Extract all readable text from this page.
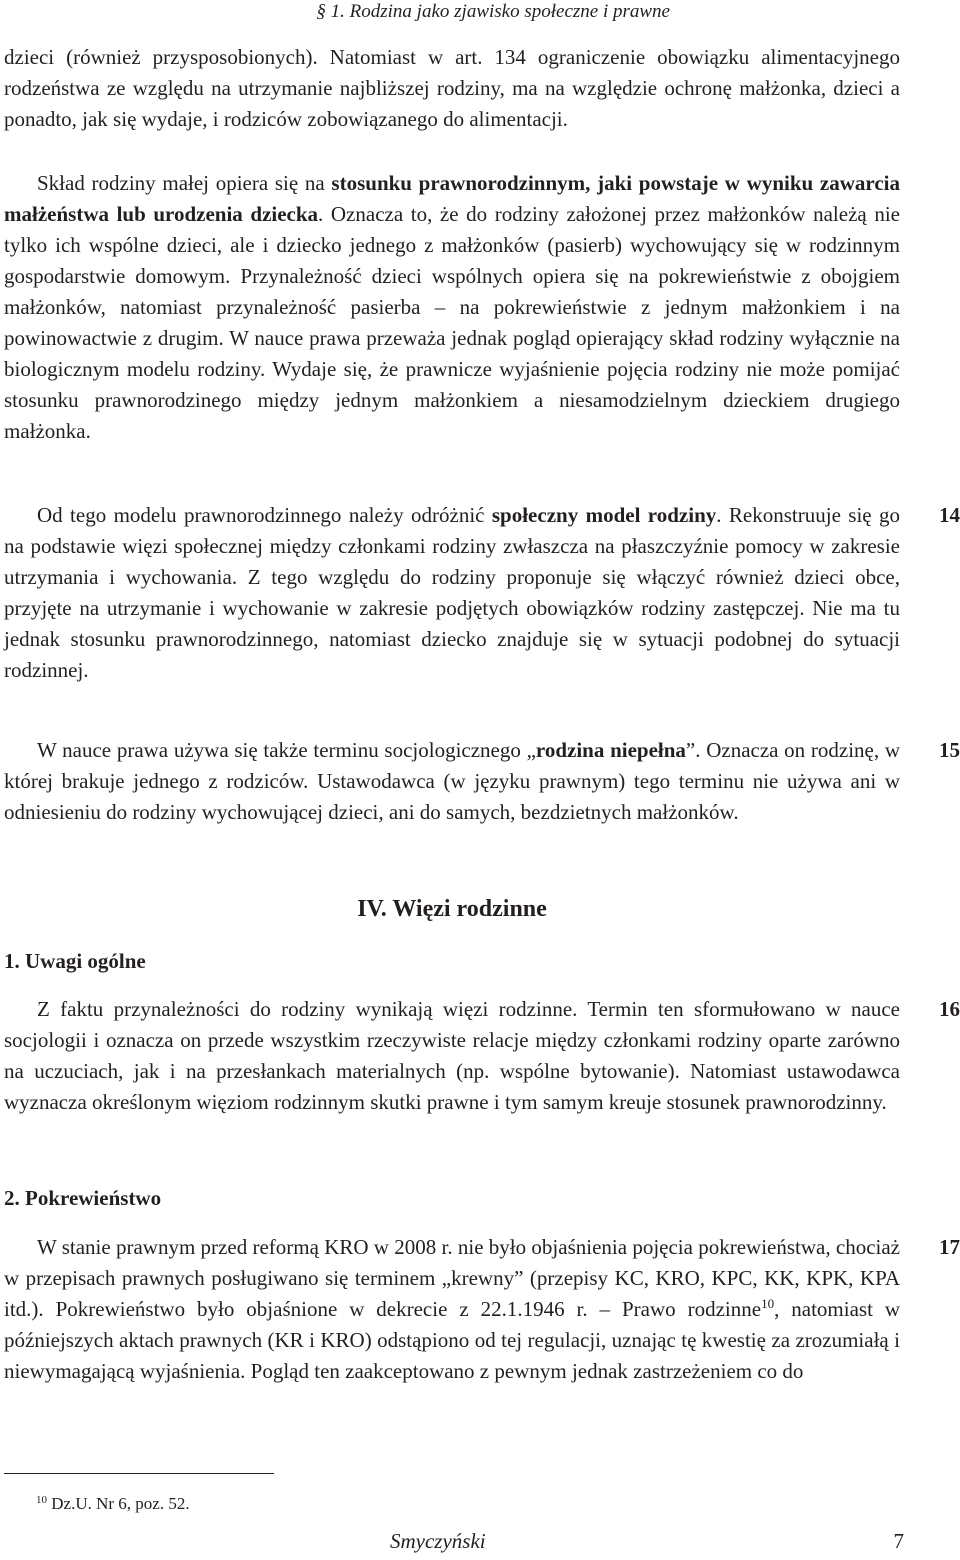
§ 1. Rodzina jako zjawisko społeczne i prawne
dzieci (również przysposobionych). Natomiast w art. 134 ograniczenie obowiązku alimentacyjnego rodzeństwa ze względu na utrzymanie najbliższej rodziny, ma na względzie ochronę małżonka, dzieci a ponadto, jak się wydaje, i rodziców zobowiązanego do alimentacji.
Skład rodziny małej opiera się na stosunku prawnorodzinnym, jaki powstaje w wyniku zawarcia małżeństwa lub urodzenia dziecka. Oznacza to, że do rodziny założonej przez małżonków należą nie tylko ich wspólne dzieci, ale i dziecko jednego z małżonków (pasierb) wychowujący się w rodzinnym gospodarstwie domowym. Przynależność dzieci wspólnych opiera się na pokrewieństwie z obojgiem małżonków, natomiast przynależność pasierba – na pokrewieństwie z jednym małżonkiem i na powinowactwie z drugim. W nauce prawa przeważa jednak pogląd opierający skład rodziny wyłącznie na biologicznym modelu rodziny. Wydaje się, że prawnicze wyjaśnienie pojęcia rodziny nie może pomijać stosunku prawnorodzinego między jednym małżonkiem a niesamodzielnym dzieckiem drugiego małżonka.
Od tego modelu prawnorodzinnego należy odróżnić społeczny model rodziny. Rekonstruuje się go na podstawie więzi społecznej między członkami rodziny zwłaszcza na płaszczyźnie pomocy w zakresie utrzymania i wychowania. Z tego względu do rodziny proponuje się włączyć również dzieci obce, przyjęte na utrzymanie i wychowanie w zakresie podjętych obowiązków rodziny zastępczej. Nie ma tu jednak stosunku prawnorodzinnego, natomiast dziecko znajduje się w sytuacji podobnej do sytuacji rodzinnej.
14
W nauce prawa używa się także terminu socjologicznego „rodzina niepełna”. Oznacza on rodzinę, w której brakuje jednego z rodziców. Ustawodawca (w języku prawnym) tego terminu nie używa ani w odniesieniu do rodziny wychowującej dzieci, ani do samych, bezdzietnych małżonków.
15
IV. Więzi rodzinne
1. Uwagi ogólne
Z faktu przynależności do rodziny wynikają więzi rodzinne. Termin ten sformułowano w nauce socjologii i oznacza on przede wszystkim rzeczywiste relacje między członkami rodziny oparte zarówno na uczuciach, jak i na przesłankach materialnych (np. wspólne bytowanie). Natomiast ustawodawca wyznacza określonym więziom rodzinnym skutki prawne i tym samym kreuje stosunek prawnorodzinny.
16
2. Pokrewieństwo
W stanie prawnym przed reformą KRO w 2008 r. nie było objaśnienia pojęcia pokrewieństwa, chociaż w przepisach prawnych posługiwano się terminem „krewny” (przepisy KC, KRO, KPC, KK, KPK, KPA itd.). Pokrewieństwo było objaśnione w dekrecie z 22.1.1946 r. – Prawo rodzinne$^{10}$, natomiast w późniejszych aktach prawnych (KR i KRO) odstąpiono od tej regulacji, uznając tę kwestię za zrozumiałą i niewymagającą wyjaśnienia. Pogląd ten zaakceptowano z pewnym jednak zastrzeżeniem co do
17
$^{10}$ Dz.U. Nr 6, poz. 52.
Smyczyński	7
